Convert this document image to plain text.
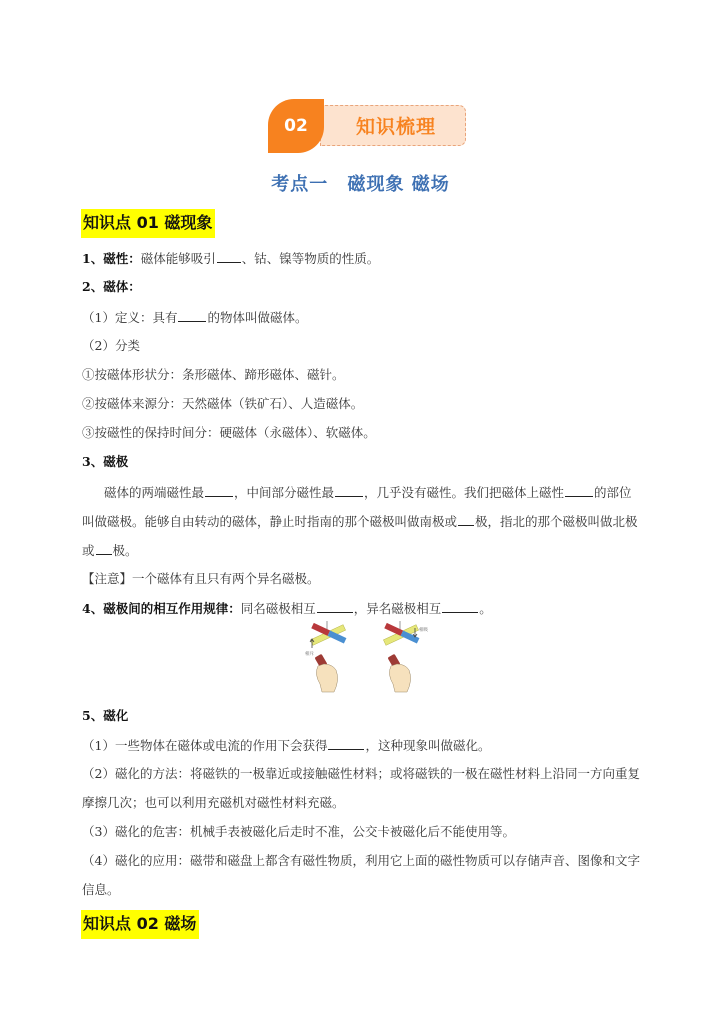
02	知识梳理
考点一 磁现象 磁场
知识点 01 磁现象
1、磁性：磁体能够吸引 、钴、镍等物质的性质。
2、磁体：
（1）定义：具有 的物体叫做磁体。
（2）分类
①按磁体形状分：条形磁体、蹄形磁体、磁针。
②按磁体来源分：天然磁体（铁矿石）、人造磁体。
③按磁性的保持时间分：硬磁体（永磁体）、软磁体。
3、磁极
磁体的两端磁性最 ，中间部分磁性最 ，几乎没有磁性。我们把磁体上磁性 的部位
叫做磁极。能够自由转动的磁体，静止时指南的那个磁极叫做南极或 极，指北的那个磁极叫做北极
或 极。
【注意】一个磁体有且只有两个异名磁极。
4、磁极间的相互作用规律：同名磁极相互	，异名磁极相互	。
相斥
相吸
5、磁化
（1）一些物体在磁体或电流的作用下会获得	，这种现象叫做磁化。
（2）磁化的方法：将磁铁的一极靠近或接触磁性材料；或将磁铁的一极在磁性材料上沿同一方向重复
摩擦几次；也可以利用充磁机对磁性材料充磁。
（3）磁化的危害：机械手表被磁化后走时不准，公交卡被磁化后不能使用等。
（4）磁化的应用：磁带和磁盘上都含有磁性物质，利用它上面的磁性物质可以存储声音、图像和文字
信息。
知识点 02 磁场
